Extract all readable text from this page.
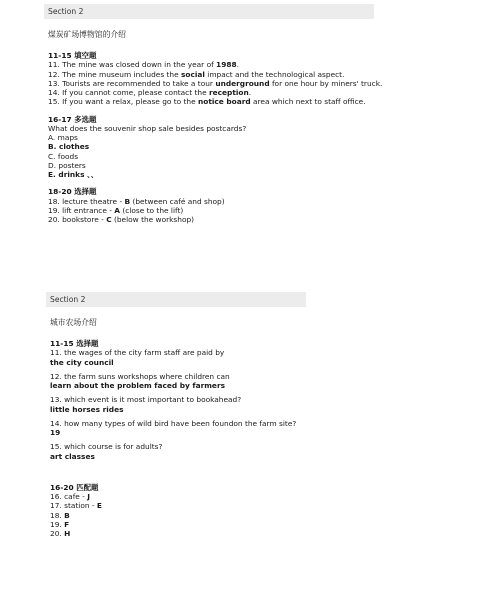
Section 2
煤炭矿场博物馆的介绍
11-15 填空题
11. The mine was closed down in the year of 1988.
12. The mine museum includes the social impact and the technological aspect.
13. Tourists are recommended to take a tour underground for one hour by miners' truck.
14. If you cannot come, please contact the reception.
15. If you want a relax, please go to the notice board area which next to staff office.
16-17 多选题
What does the souvenir shop sale besides postcards?
A. maps
B. clothes
C. foods
D. posters
E. drinks 、、
18-20 选择题
18. lecture theatre - B (between café and shop)
19. lift entrance - A (close to the lift)
20. bookstore - C (below the workshop)
Section 2
城市农场介绍
11-15 选择题
11. the wages of the city farm staff are paid by
the city council
12. the farm suns workshops where children can
learn about the problem faced by farmers
13. which event is it most important to bookahead?
little horses rides
14. how many types of wild bird have been foundon the farm site?
19
15. which course is for adults?
art classes
16-20 匹配题
16. cafe - J
17. station - E
18. B
19. F
20. H
